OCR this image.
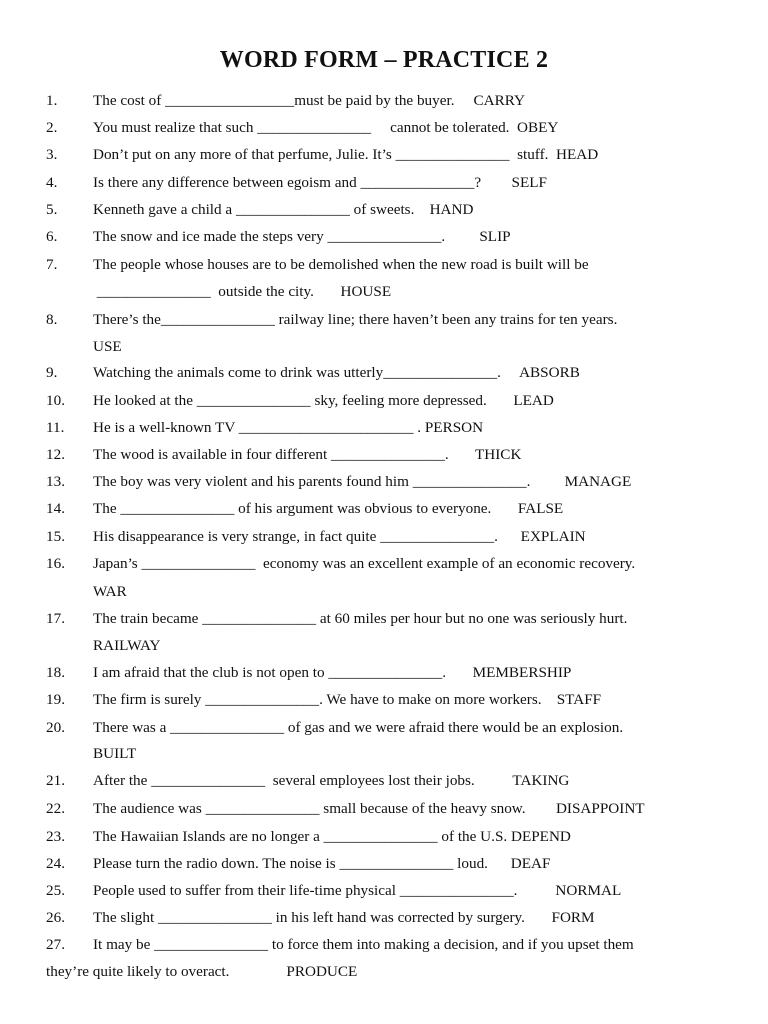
WORD FORM – PRACTICE 2
1. The cost of _________________must be paid by the buyer.     CARRY
2. You must realize that such _______________     cannot be tolerated.  OBEY
3. Don’t put on any more of that perfume, Julie. It’s _______________  stuff.  HEAD
4. Is there any difference between egoism and _______________?        SELF
5. Kenneth gave a child a _______________ of sweets.    HAND
6. The snow and ice made the steps very _______________.         SLIP
7. The people whose houses are to be demolished when the new road is built will be
_______________  outside the city.       HOUSE
8. There’s the_______________ railway line; there haven’t been any trains for ten years.
USE
9. Watching the animals come to drink was utterly_______________.     ABSORB
10. He looked at the _______________ sky, feeling more depressed.       LEAD
11. He is a well-known TV _______________________ . PERSON
12. The wood is available in four different _______________.       THICK
13. The boy was very violent and his parents found him _______________.         MANAGE
14. The _______________ of his argument was obvious to everyone.       FALSE
15. His disappearance is very strange, in fact quite _______________.      EXPLAIN
16. Japan’s _______________  economy was an excellent example of an economic recovery.
WAR
17. The train became _______________ at 60 miles per hour but no one was seriously hurt.
RAILWAY
18. I am afraid that the club is not open to _______________.       MEMBERSHIP
19. The firm is surely _______________. We have to make on more workers.    STAFF
20. There was a _______________ of gas and we were afraid there would be an explosion.
BUILT
21. After the _______________  several employees lost their jobs.          TAKING
22. The audience was _______________ small because of the heavy snow.        DISAPPOINT
23. The Hawaiian Islands are no longer a _______________ of the U.S. DEPEND
24. Please turn the radio down. The noise is _______________ loud.      DEAF
25. People used to suffer from their life-time physical _______________.          NORMAL
26. The slight _______________ in his left hand was corrected by surgery.       FORM
27. It may be _______________ to force them into making a decision, and if you upset them
they’re quite likely to overact.               PRODUCE
